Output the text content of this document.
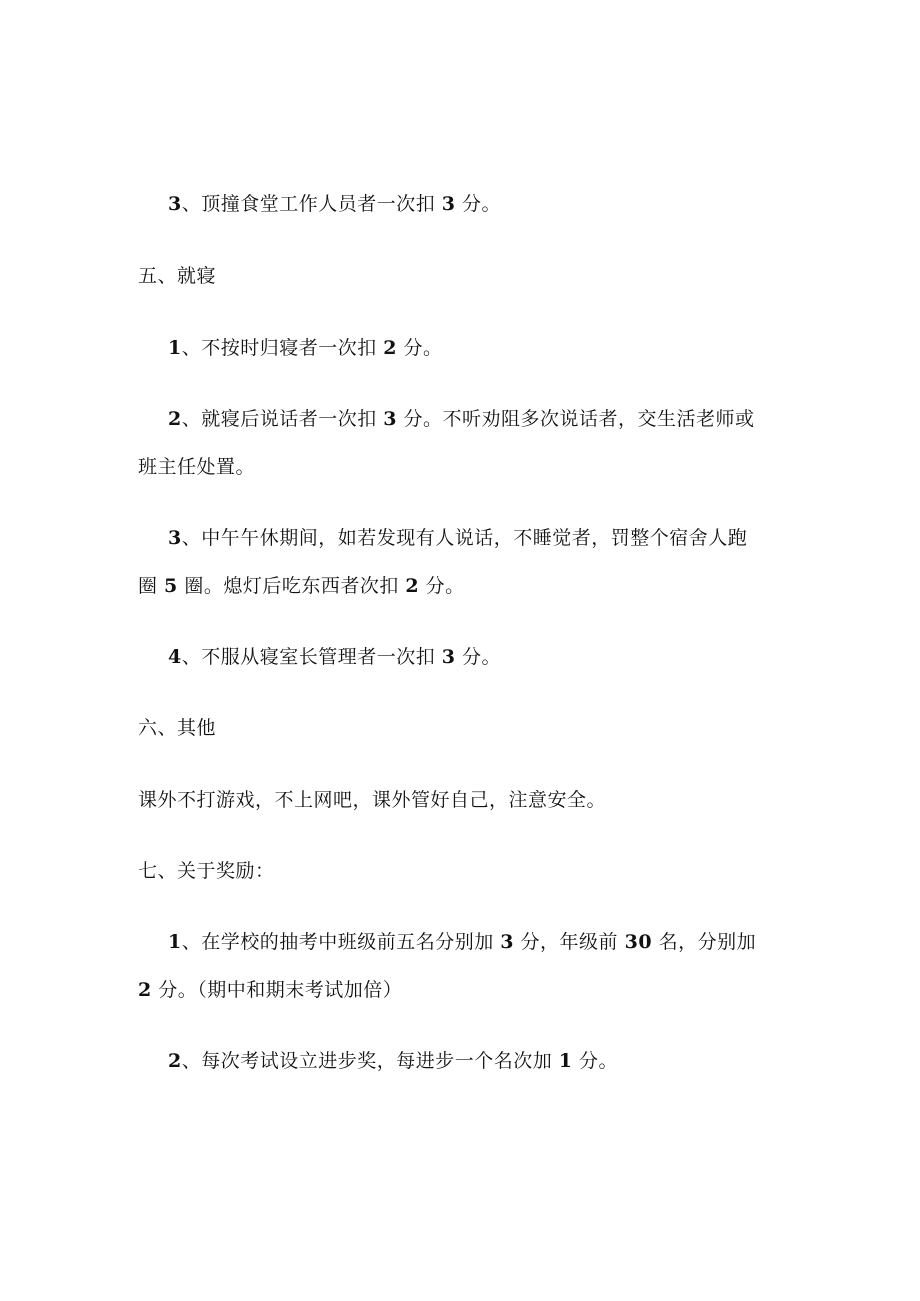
3、顶撞食堂工作人员者一次扣 3 分。
五、就寝
1、不按时归寝者一次扣 2 分。
2、就寝后说话者一次扣 3 分。不听劝阻多次说话者，交生活老师或
班主任处置。
3、中午午休期间，如若发现有人说话，不睡觉者，罚整个宿舍人跑
圈 5 圈。熄灯后吃东西者次扣 2 分。
4、不服从寝室长管理者一次扣 3 分。
六、其他
课外不打游戏，不上网吧，课外管好自己，注意安全。
七、关于奖励：
1、在学校的抽考中班级前五名分别加 3 分，年级前 30 名，分别加
2 分。（期中和期末考试加倍）
2、每次考试设立进步奖，每进步一个名次加 1 分。
